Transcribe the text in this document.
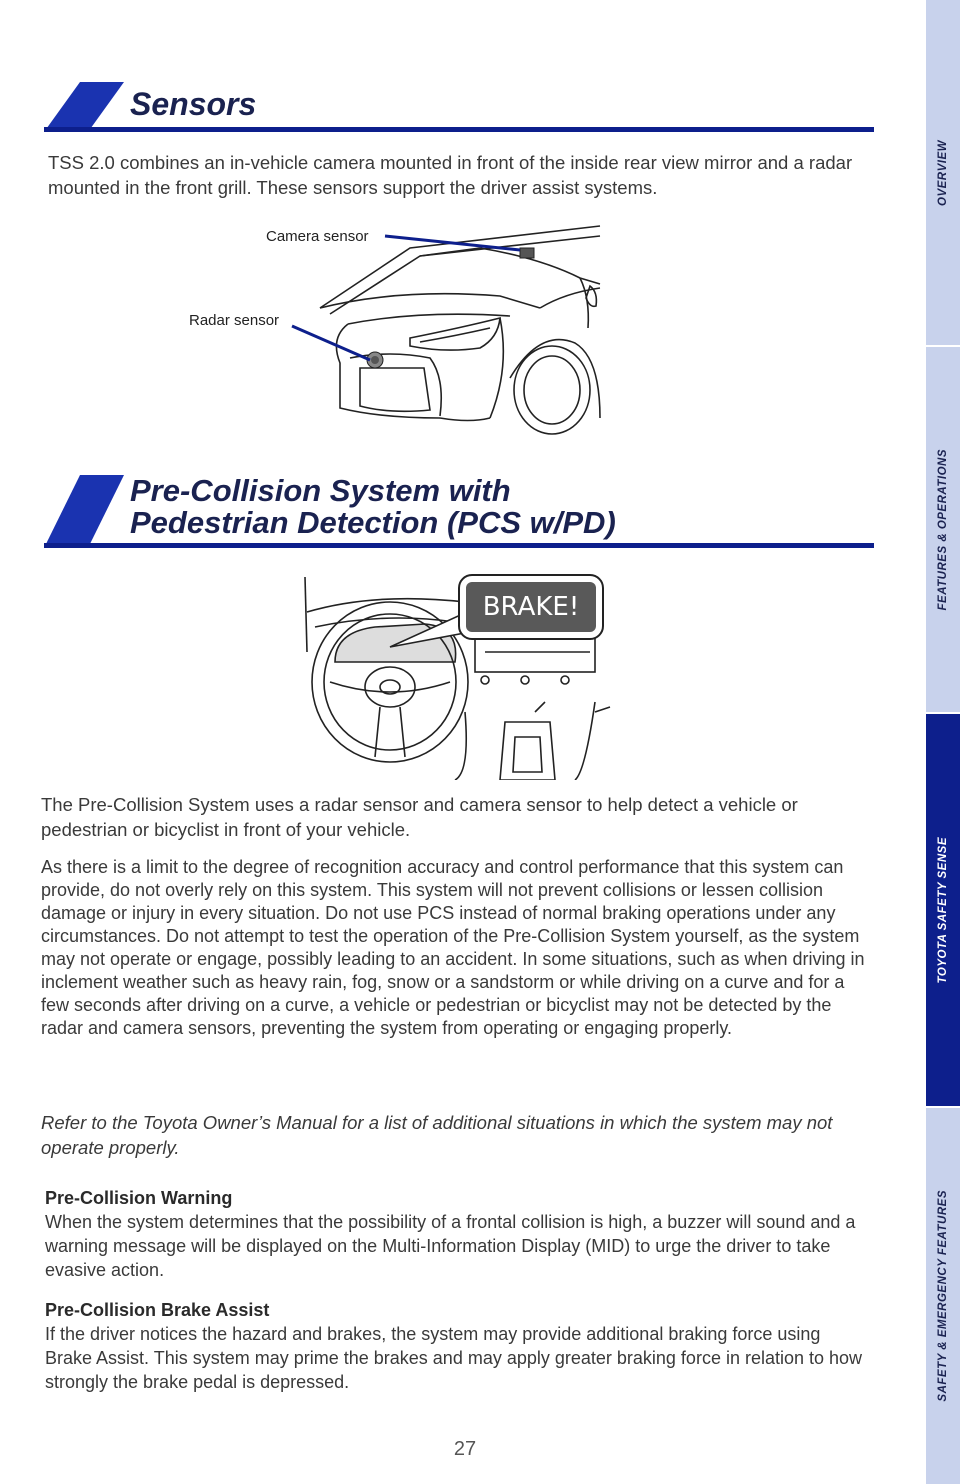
Sensors

TSS 2.0 combines an in-vehicle camera mounted in front of the inside rear view mirror and a radar mounted in the front grill. These sensors support the driver assist systems.

Camera sensor
Radar sensor
Pre-Collision System with
Pedestrian Detection (PCS w/PD)
BRAKE!

The Pre-Collision System uses a radar sensor and camera sensor to help detect a vehicle or pedestrian or bicyclist in front of your vehicle.

As there is a limit to the degree of recognition accuracy and control performance that this system can provide, do not overly rely on this system. This system will not prevent collisions or lessen collision damage or injury in every situation. Do not use PCS instead of normal braking operations under any circumstances. Do not attempt to test the operation of the Pre-Collision System yourself, as the system may not operate or engage, possibly leading to an accident. In some situations, such as when driving in inclement weather such as heavy rain, fog, snow or a sandstorm or while driving on a curve and for a few seconds after driving on a curve, a vehicle or pedestrian or bicyclist may not be detected by the radar and camera sensors, preventing the system from operating or engaging properly.

Refer to the Toyota Owner’s Manual for a list of additional situations in which the system may not operate properly.

Pre-Collision Warning
When the system determines that the possibility of a frontal collision is high, a buzzer will sound and a warning message will be displayed on the Multi-Information Display (MID) to urge the driver to take evasive action.
Pre-Collision Brake Assist
If the driver notices the hazard and brakes, the system may provide additional braking force using Brake Assist. This system may prime the brakes and may apply greater braking force in relation to how strongly the brake pedal is depressed.
27
OVERVIEW
FEATURES & OPERATIONS
TOYOTA SAFETY SENSE
SAFETY & EMERGENCY FEATURES
